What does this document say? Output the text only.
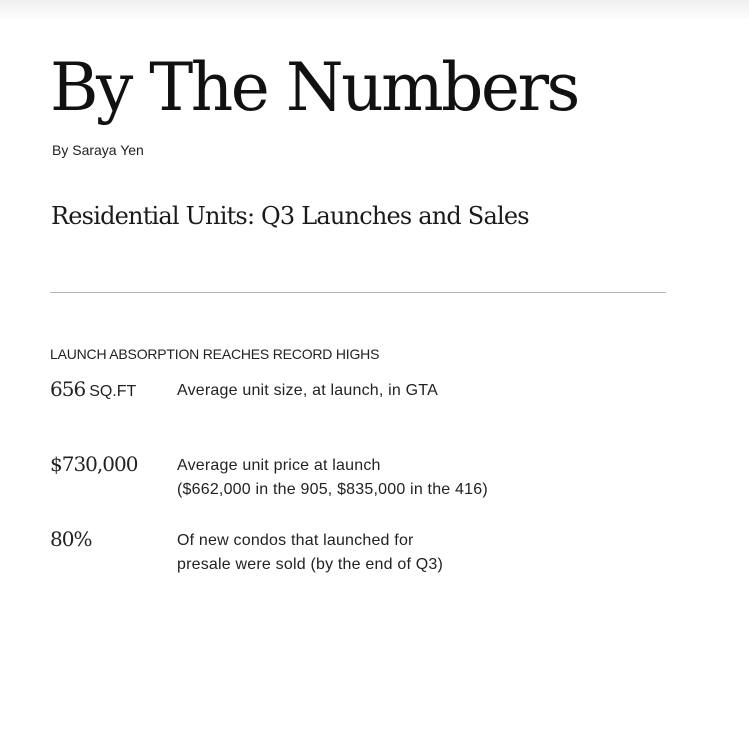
By The Numbers
By Saraya Yen
Residential Units: Q3 Launches and Sales
LAUNCH ABSORPTION REACHES RECORD HIGHS
656 SQ.FT	Average unit size, at launch, in GTA
$730,000 Average unit price at launch
($662,000 in the 905, $835,000 in the 416)
80%	Of new condos that launched for
presale were sold (by the end of Q3)
